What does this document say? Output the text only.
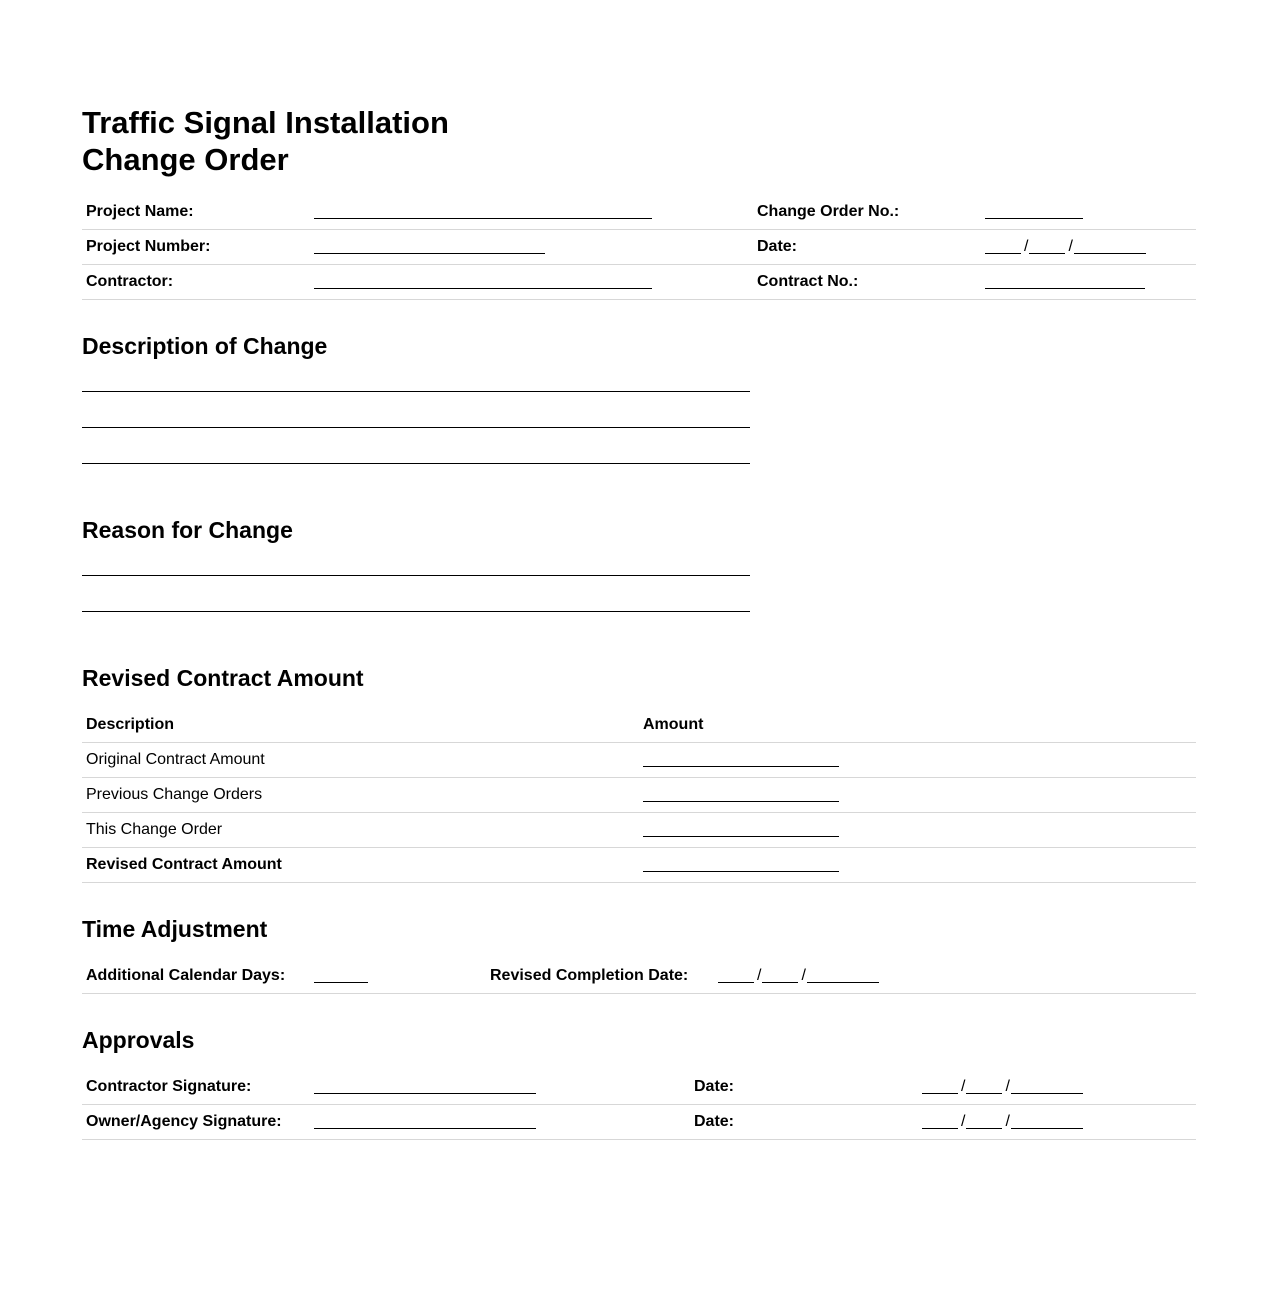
Traffic Signal Installation
Change Order
Project Name:	Change Order No.:
Project Number:	Date:	/	/
Contractor:	Contract No.:
Description of Change
Reason for Change
Revised Contract Amount
Description	Amount
Original Contract Amount
Previous Change Orders
This Change Order
Revised Contract Amount
Time Adjustment
Additional Calendar Days:	Revised Completion Date:	/	/
Approvals
Contractor Signature:	Date:	/	/
Owner/Agency Signature:	Date:	/	/
